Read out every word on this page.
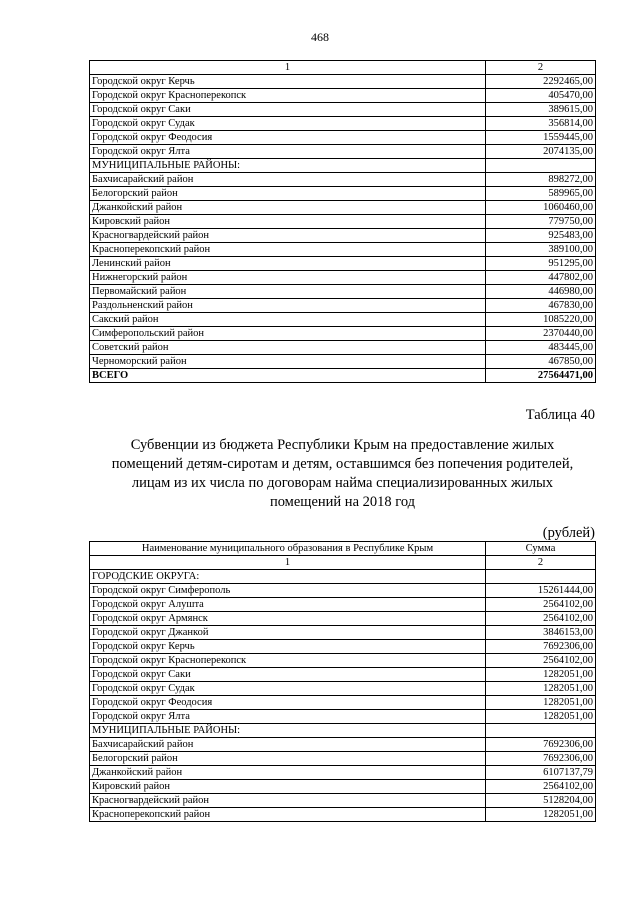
468
1	2
Городской округ Керчь	2292465,00
Городской округ Красноперекопск	405470,00
Городской округ Саки	389615,00
Городской округ Судак	356814,00
Городской округ Феодосия	1559445,00
Городской округ Ялта	2074135,00
МУНИЦИПАЛЬНЫЕ РАЙОНЫ:	
Бахчисарайский район	898272,00
Белогорский район	589965,00
Джанкойский район	1060460,00
Кировский район	779750,00
Красногвардейский район	925483,00
Красноперекопский район	389100,00
Ленинский район	951295,00
Нижнегорский район	447802,00
Первомайский район	446980,00
Раздольненский район	467830,00
Сакский район	1085220,00
Симферопольский район	2370440,00
Советский район	483445,00
Черноморский район	467850,00
ВСЕГО	27564471,00
Таблица 40
Субвенции из бюджета Республики Крым на предоставление жилых
помещений детям-сиротам и детям, оставшимся без попечения родителей,
лицам из их числа по договорам найма специализированных жилых
помещений на 2018 год
(рублей)
Наименование муниципального образования в Республике Крым	Сумма
1	2
ГОРОДСКИЕ ОКРУГА:	
Городской округ Симферополь	15261444,00
Городской округ Алушта	2564102,00
Городской округ Армянск	2564102,00
Городской округ Джанкой	3846153,00
Городской округ Керчь	7692306,00
Городской округ Красноперекопск	2564102,00
Городской округ Саки	1282051,00
Городской округ Судак	1282051,00
Городской округ Феодосия	1282051,00
Городской округ Ялта	1282051,00
МУНИЦИПАЛЬНЫЕ РАЙОНЫ:	
Бахчисарайский район	7692306,00
Белогорский район	7692306,00
Джанкойский район	6107137,79
Кировский район	2564102,00
Красногвардейский район	5128204,00
Красноперекопский район	1282051,00
